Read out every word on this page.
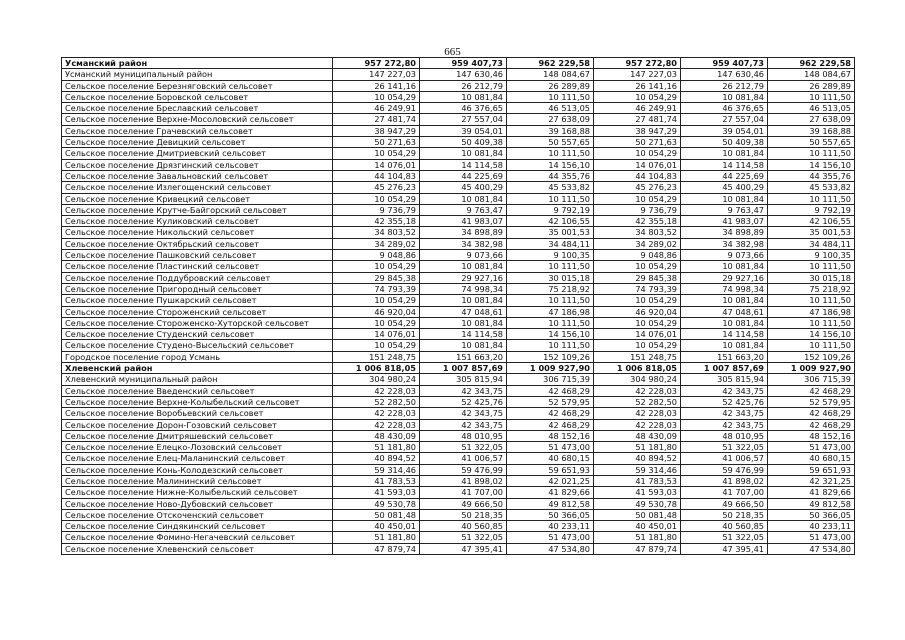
665
Усманский район	957 272,80	959 407,73	962 229,58	957 272,80	959 407,73	962 229,58
Усманский муниципальный район	147 227,03	147 630,46	148 084,67	147 227,03	147 630,46	148 084,67
Сельское поселение Березняговский сельсовет	26 141,16	26 212,79	26 289,89	26 141,16	26 212,79	26 289,89
Сельское поселение Боровской сельсовет	10 054,29	10 081,84	10 111,50	10 054,29	10 081,84	10 111,50
Сельское поселение Бреславский сельсовет	46 249,91	46 376,65	46 513,05	46 249,91	46 376,65	46 513,05
Сельское поселение Верхне-Мосоловский сельсовет	27 481,74	27 557,04	27 638,09	27 481,74	27 557,04	27 638,09
Сельское поселение Грачевский сельсовет	38 947,29	39 054,01	39 168,88	38 947,29	39 054,01	39 168,88
Сельское поселение Девицкий сельсовет	50 271,63	50 409,38	50 557,65	50 271,63	50 409,38	50 557,65
Сельское поселение Дмитриевский сельсовет	10 054,29	10 081,84	10 111,50	10 054,29	10 081,84	10 111,50
Сельское поселение Дрязгинский сельсовет	14 076,01	14 114,58	14 156,10	14 076,01	14 114,58	14 156,10
Сельское поселение Завальновский сельсовет	44 104,83	44 225,69	44 355,76	44 104,83	44 225,69	44 355,76
Сельское поселение Излегощенский сельсовет	45 276,23	45 400,29	45 533,82	45 276,23	45 400,29	45 533,82
Сельское поселение Кривецкий сельсовет	10 054,29	10 081,84	10 111,50	10 054,29	10 081,84	10 111,50
Сельское поселение Крутче-Байгорский сельсовет	9 736,79	9 763,47	9 792,19	9 736,79	9 763,47	9 792,19
Сельское поселение Куликовский сельсовет	42 355,18	41 983,07	42 106,55	42 355,18	41 983,07	42 106,55
Сельское поселение Никольский сельсовет	34 803,52	34 898,89	35 001,53	34 803,52	34 898,89	35 001,53
Сельское поселение Октябрьский сельсовет	34 289,02	34 382,98	34 484,11	34 289,02	34 382,98	34 484,11
Сельское поселение Пашковский сельсовет	9 048,86	9 073,66	9 100,35	9 048,86	9 073,66	9 100,35
Сельское поселение Пластинский сельсовет	10 054,29	10 081,84	10 111,50	10 054,29	10 081,84	10 111,50
Сельское поселение Поддубровский сельсовет	29 845,38	29 927,16	30 015,18	29 845,38	29 927,16	30 015,18
Сельское поселение Пригородный сельсовет	74 793,39	74 998,34	75 218,92	74 793,39	74 998,34	75 218,92
Сельское поселение Пушкарский сельсовет	10 054,29	10 081,84	10 111,50	10 054,29	10 081,84	10 111,50
Сельское поселение Стороженский сельсовет	46 920,04	47 048,61	47 186,98	46 920,04	47 048,61	47 186,98
Сельское поселение Стороженско-Хуторской сельсовет	10 054,29	10 081,84	10 111,50	10 054,29	10 081,84	10 111,50
Сельское поселение Студенский сельсовет	14 076,01	14 114,58	14 156,10	14 076,01	14 114,58	14 156,10
Сельское поселение Студено-Высельский сельсовет	10 054,29	10 081,84	10 111,50	10 054,29	10 081,84	10 111,50
Городское поселение город Усмань	151 248,75	151 663,20	152 109,26	151 248,75	151 663,20	152 109,26
Хлевенский район	1 006 818,05	1 007 857,69	1 009 927,90	1 006 818,05	1 007 857,69	1 009 927,90
Хлевенский муниципальный район	304 980,24	305 815,94	306 715,39	304 980,24	305 815,94	306 715,39
Сельское поселение Введенский сельсовет	42 228,03	42 343,75	42 468,29	42 228,03	42 343,75	42 468,29
Сельское поселение Верхне-Колыбельский сельсовет	52 282,50	52 425,76	52 579,95	52 282,50	52 425,76	52 579,95
Сельское поселение Воробьевский сельсовет	42 228,03	42 343,75	42 468,29	42 228,03	42 343,75	42 468,29
Сельское поселение Дорон-Гозовский сельсовет	42 228,03	42 343,75	42 468,29	42 228,03	42 343,75	42 468,29
Сельское поселение Дмитряшевский сельсовет	48 430,09	48 010,95	48 152,16	48 430,09	48 010,95	48 152,16
Сельское поселение Елецко-Лозовский сельсовет	51 181,80	51 322,05	51 473,00	51 181,80	51 322,05	51 473,00
Сельское поселение Елец-Маланинский сельсовет	40 894,52	41 006,57	40 680,15	40 894,52	41 006,57	40 680,15
Сельское поселение Конь-Колодезский сельсовет	59 314,46	59 476,99	59 651,93	59 314,46	59 476,99	59 651,93
Сельское поселение Малининский сельсовет	41 783,53	41 898,02	42 021,25	41 783,53	41 898,02	42 321,25
Сельское поселение Нижне-Колыбельский сельсовет	41 593,03	41 707,00	41 829,66	41 593,03	41 707,00	41 829,66
Сельское поселение Ново-Дубовский сельсовет	49 530,78	49 666,50	49 812,58	49 530,78	49 666,50	49 812,58
Сельское поселение Отскоченский сельсовет	50 081,48	50 218,35	50 366,05	50 081,48	50 218,35	50 366,05
Сельское поселение Синдякинский сельсовет	40 450,01	40 560,85	40 233,11	40 450,01	40 560,85	40 233,11
Сельское поселение Фомино-Негачевский сельсовет	51 181,80	51 322,05	51 473,00	51 181,80	51 322,05	51 473,00
Сельское поселение Хлевенский сельсовет	47 879,74	47 395,41	47 534,80	47 879,74	47 395,41	47 534,80
